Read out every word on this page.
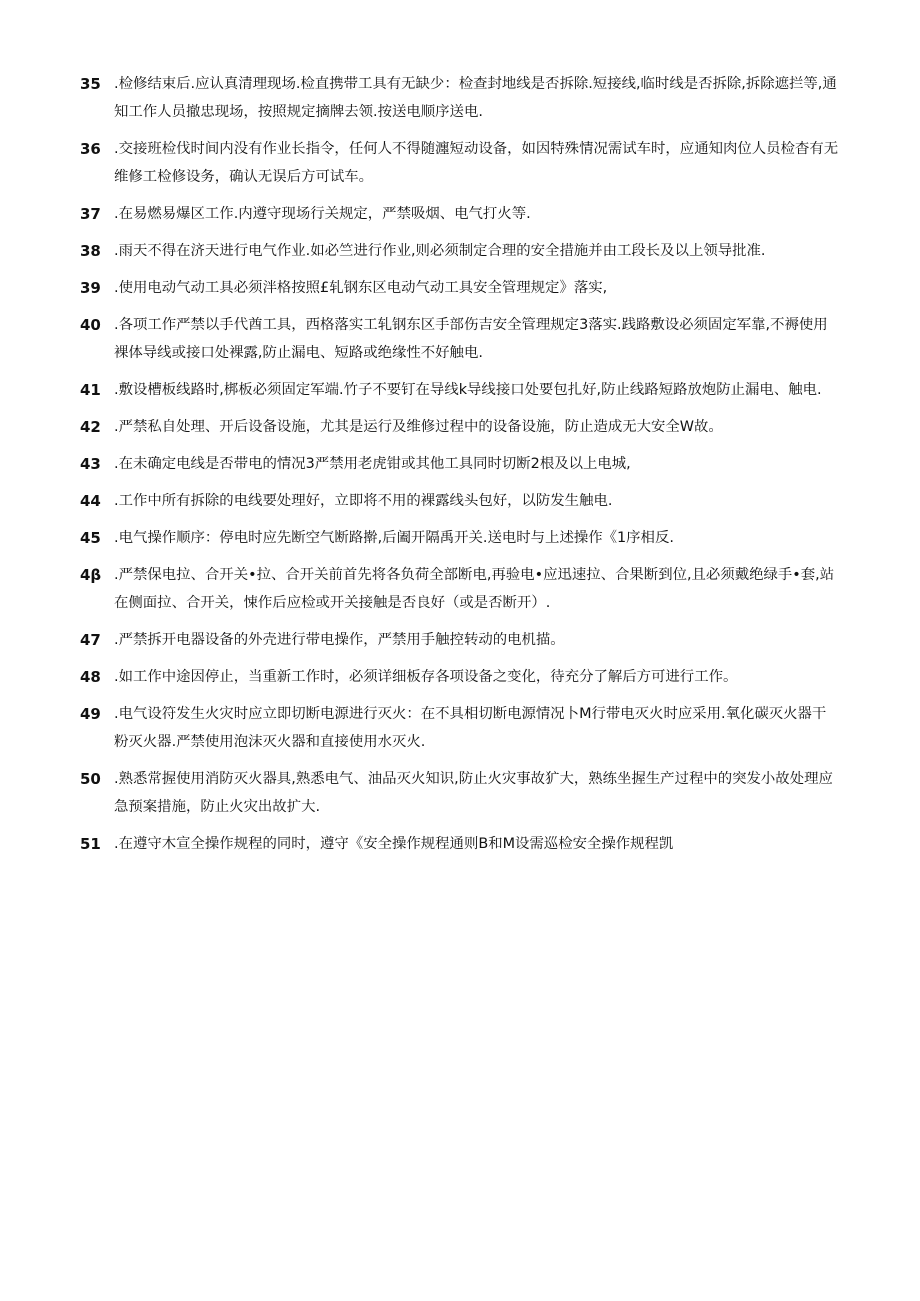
35 .检修结束后.应认真清理现场.检直携带工具有无缺少：检查封地线是否拆除.短接线,临时线是否拆除,拆除遮拦等,通知工作人员撤忠现场，按照规定摘牌去领.按送电顺序送电.
36 .交接班检伐时间内没有作业长指令，任何人不得随瀍短动设备，如因特殊情况需试车时，应通知肉位人员检杳有无维修工检修设务，确认无误后方可试车。
37 .在易燃易爆区工作.内遵守现场行关规定，严禁吸烟、电气打火等.
38 .雨天不得在济天进行电气作业.如必竺进行作业,则必须制定合理的安全措施并由工段长及以上领导批准.
39 .使用电动气动工具必须泮格按照£轧钢东区电动气动工具安全管理规定》落实,
40 .各项工作严禁以手代酋工具，西格落实工轧钢东区手部伤吉安全管理规定3落实.践路敷设必须固定军靠,不褥使用裸体导线或接口处裸露,防止漏电、短路或绝缘性不好触电.
41 .敷设槽板线路时,梆板必须固定军端.竹子不要钉在导线k导线接口处要包扎好,防止线路短路放炮防止漏电、触电.
42 .严禁私自处理、开后设备设施，尤其是运行及维修过程中的设备设施，防止造成无大安全W故。
43 .在未确定电线是否带电的情况3严禁用老虎钳或其他工具同时切断2根及以上电城,
44 .工作中所有拆除的电线要处理好，立即将不用的裸露线头包好，以防发生触电.
45 .电气操作顺序：停电时应先断空气断路擀,后阖开隔禹开关.送电时与上述操作《1序相反.
4β .严禁保电拉、合开关•拉、合开关前首先将各负荷全部断电,再验电•应迅速拉、合果断到位,且必须戴绝绿手•套,站在侧面拉、合开关，悚作后应检或开关接触是否良好（或是否断开）.
47 .严禁拆开电器设备的外壳进行带电操作，严禁用手触控转动的电机描。
48 .如工作中途因停止，当重新工作时，必须详细板存各项设备之变化，待充分了解后方可进行工作。
49 .电气设符发生火灾时应立即切断电源进行灭火：在不具相切断电源情况卜M行带电灭火时应采用.氧化碳灭火器干粉灭火器.严禁使用泡沫灭火器和直接使用水灭火.
50 .熟悉常握使用消防灭火器具,熟悉电气、油品灭火知识,防止火灾事故犷大，熟练坐握生产过程中的突发小故处理应急预案措施，防止火灾出故扩大.
51 .在遵守木宣全操作规程的同时，遵守《安全操作规程通则B和M设需巡检安全操作规程凯
